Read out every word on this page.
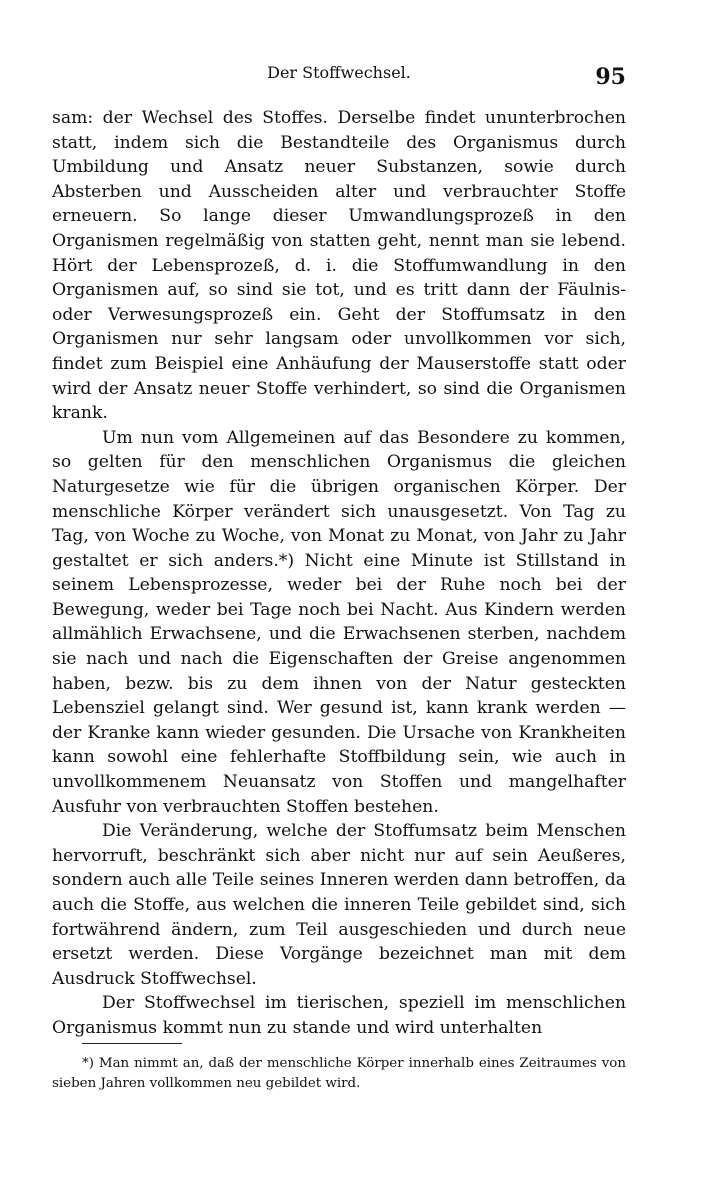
Der Stoffwechsel.	95

sam: der Wechsel des Stoffes. Derselbe findet ununterbrochen statt, indem sich die Bestandteile des Organismus durch Umbildung und Ansatz neuer Substanzen, sowie durch Absterben und Ausscheiden alter und verbrauchter Stoffe erneuern. So lange dieser Umwandlungsprozeß in den Organismen regelmäßig von statten geht, nennt man sie lebend. Hört der Lebensprozeß, d. i. die Stoffumwandlung in den Organismen auf, so sind sie tot, und es tritt dann der Fäulnis- oder Verwesungsprozeß ein. Geht der Stoffumsatz in den Organismen nur sehr langsam oder unvollkommen vor sich, findet zum Beispiel eine Anhäufung der Mauserstoffe statt oder wird der Ansatz neuer Stoffe verhindert, so sind die Organismen krank.

Um nun vom Allgemeinen auf das Besondere zu kommen, so gelten für den menschlichen Organismus die gleichen Naturgesetze wie für die übrigen organischen Körper. Der menschliche Körper verändert sich unausgesetzt. Von Tag zu Tag, von Woche zu Woche, von Monat zu Monat, von Jahr zu Jahr gestaltet er sich anders.*) Nicht eine Minute ist Stillstand in seinem Lebensprozesse, weder bei der Ruhe noch bei der Bewegung, weder bei Tage noch bei Nacht. Aus Kindern werden allmählich Erwachsene, und die Erwachsenen sterben, nachdem sie nach und nach die Eigenschaften der Greise angenommen haben, bezw. bis zu dem ihnen von der Natur gesteckten Lebensziel gelangt sind. Wer gesund ist, kann krank werden — der Kranke kann wieder gesunden. Die Ursache von Krankheiten kann sowohl eine fehlerhafte Stoffbildung sein, wie auch in unvollkommenem Neuansatz von Stoffen und mangelhafter Ausfuhr von verbrauchten Stoffen bestehen.

Die Veränderung, welche der Stoffumsatz beim Menschen hervorruft, beschränkt sich aber nicht nur auf sein Aeußeres, sondern auch alle Teile seines Inneren werden dann betroffen, da auch die Stoffe, aus welchen die inneren Teile gebildet sind, sich fortwährend ändern, zum Teil ausgeschieden und durch neue ersetzt werden. Diese Vorgänge bezeichnet man mit dem Ausdruck Stoffwechsel.

Der Stoffwechsel im tierischen, speziell im menschlichen Organismus kommt nun zu stande und wird unterhalten

*) Man nimmt an, daß der menschliche Körper innerhalb eines Zeitraumes von sieben Jahren vollkommen neu gebildet wird.
